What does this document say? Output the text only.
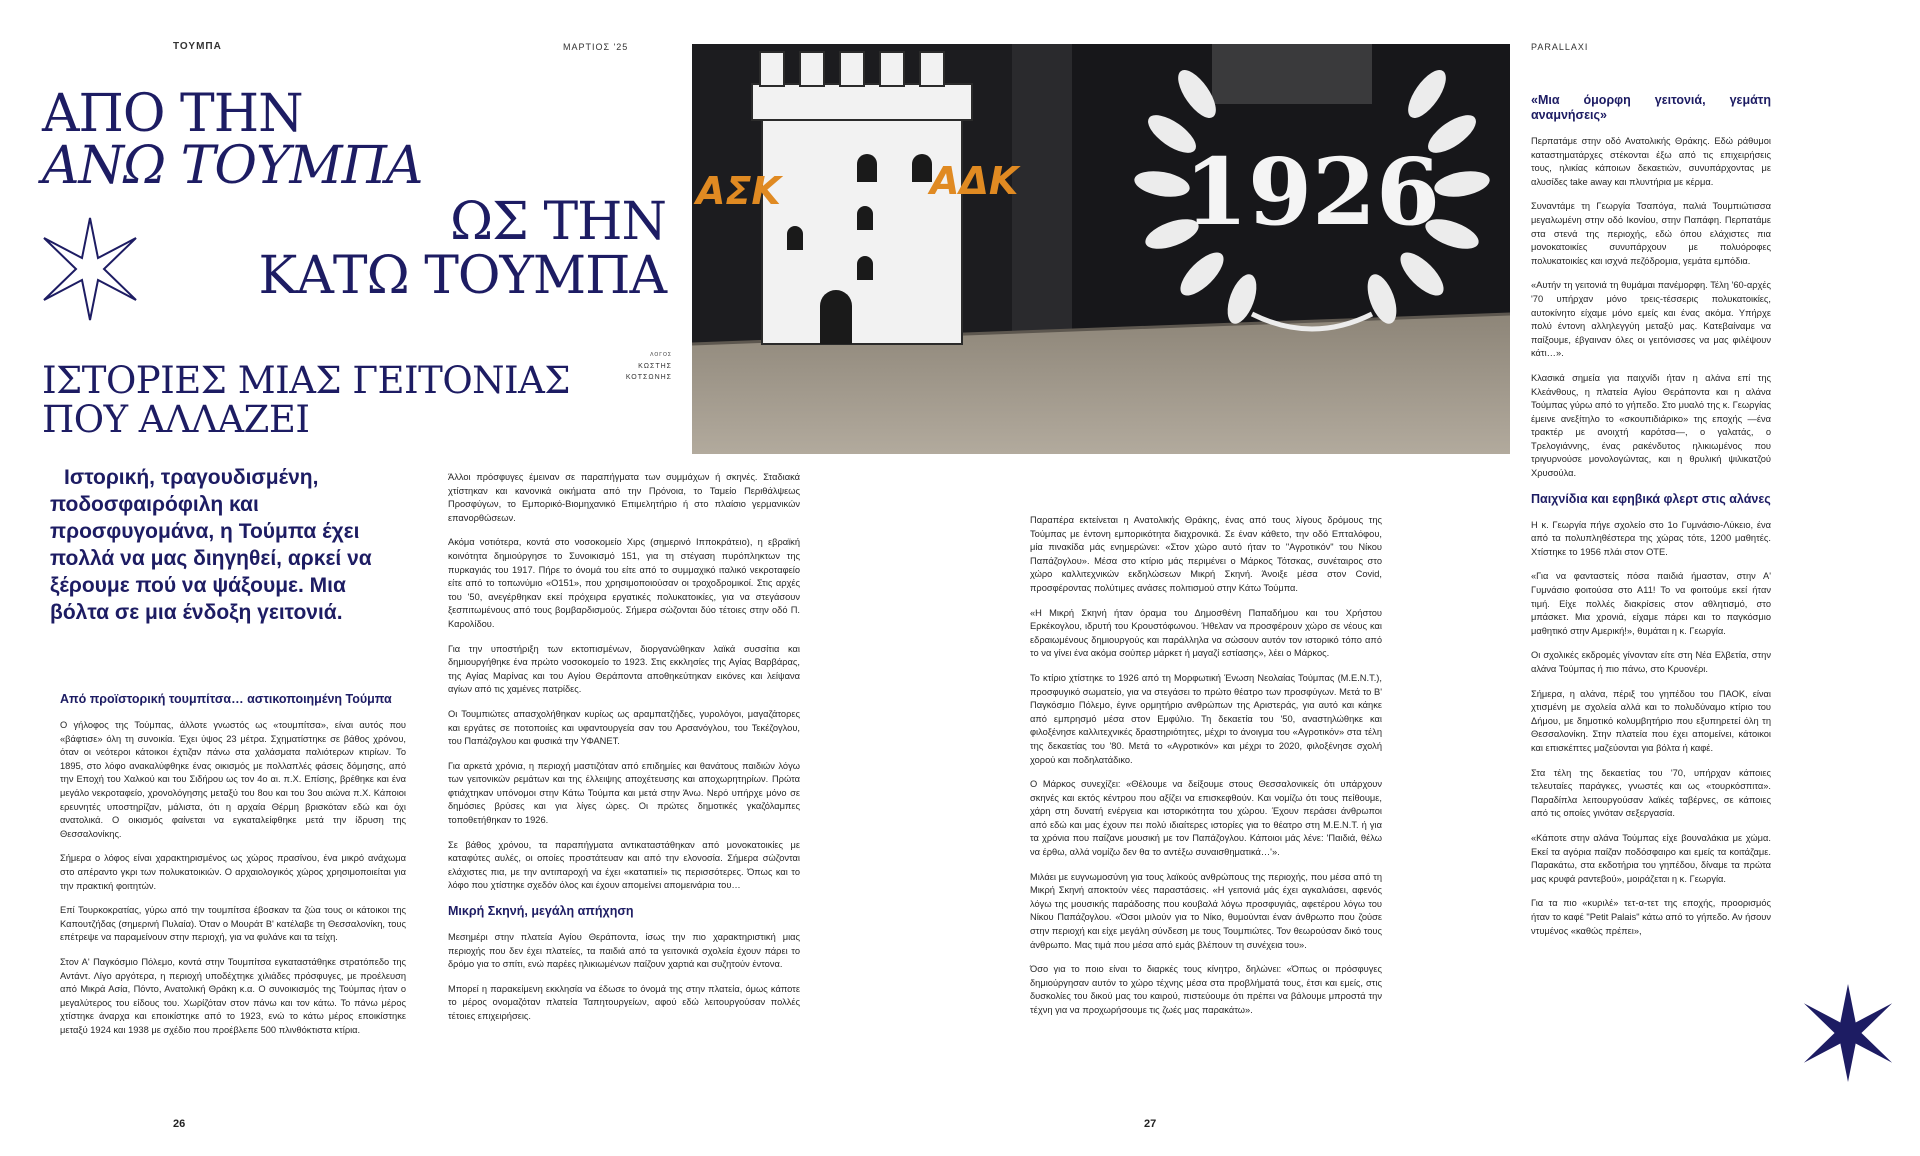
ΤΟΥΜΠΑ	ΜΑΡΤΙΟΣ '25	PARALLAXI
ΑΠΟ ΤΗΝ
ΑΝΩ ΤΟΥΜΠΑ
ΩΣ ΤΗΝ
ΚΑΤΩ ΤΟΥΜΠΑ
ΙΣΤΟΡΙΕΣ ΜΙΑΣ ΓΕΙΤΟΝΙΑΣ
ΠΟΥ ΑΛΛΑΖΕΙ
ΛΟΓΟΣ
ΚΩΣΤΗΣ
ΚΟΤΣΩΝΗΣ
ΑΣΚ	ΑΔΚ 1926
Ιστορική, τραγουδισμένη, ποδοσφαιρόφιλη και προσφυγομάνα, η Τούμπα έχει πολλά να μας διηγηθεί, αρκεί να ξέρουμε πού να ψάξουμε. Μια βόλτα σε μια ένδοξη γειτονιά.
Από προϊστορική τουμπίτσα… αστικοποιημένη Τούμπα

Ο γήλοφος της Τούμπας, άλλοτε γνωστός ως «τουμπίτσα», είναι αυτός που «βάφτισε» όλη τη συνοικία. Έχει ύψος 23 μέτρα. Σχηματίστηκε σε βάθος χρόνου, όταν οι νεότεροι κάτοικοι έχτιζαν πάνω στα χαλάσματα παλιότερων κτιρίων. Το 1895, στο λόφο ανακαλύφθηκε ένας οικισμός με πολλαπλές φάσεις δόμησης, από την Εποχή του Χαλκού και του Σιδήρου ως τον 4ο αι. π.Χ. Επίσης, βρέθηκε και ένα μεγάλο νεκροταφείο, χρονολόγησης μεταξύ του 8ου και του 3ου αιώνα π.Χ. Κάποιοι ερευνητές υποστηρίζαν, μάλιστα, ότι η αρχαία Θέρμη βρισκόταν εδώ και όχι ανατολικά. Ο οικισμός φαίνεται να εγκαταλείφθηκε μετά την ίδρυση της Θεσσαλονίκης.

Σήμερα ο λόφος είναι χαρακτηρισμένος ως χώρος πρασίνου, ένα μικρό ανάχωμα στο απέραντο γκρι των πολυκατοικιών. Ο αρχαιολογικός χώρος χρησιμοποιείται για την πρακτική φοιτητών.

Επί Τουρκοκρατίας, γύρω από την τουμπίτσα έβοσκαν τα ζώα τους οι κάτοικοι της Καπουτζήδας (σημερινή Πυλαία). Όταν ο Μουράτ Β' κατέλαβε τη Θεσσαλονίκη, τους επέτρεψε να παραμείνουν στην περιοχή, για να φυλάνε και τα τείχη.

Στον Α' Παγκόσμιο Πόλεμο, κοντά στην Τουμπίτσα εγκαταστάθηκε στρατόπεδο της Αντάντ. Λίγο αργότερα, η περιοχή υποδέχτηκε χιλιάδες πρόσφυγες, με προέλευση από Μικρά Ασία, Πόντο, Ανατολική Θράκη κ.α. Ο συνοικισμός της Τούμπας ήταν ο μεγαλύτερος του είδους του. Χωρίζόταν στον πάνω και τον κάτω. Το πάνω μέρος χτίστηκε άναρχα και εποικίστηκε από το 1923, ενώ το κάτω μέρος εποικίστηκε μεταξύ 1924 και 1938 με σχέδιο που προέβλεπε 500 πλινθόκτιστα κτίρια.

Άλλοι πρόσφυγες έμειναν σε παραπήγματα των συμμάχων ή σκηνές. Σταδιακά χτίστηκαν και κανονικά οικήματα από την Πρόνοια, το Ταμείο Περιθάλψεως Προσφύγων, το Εμπορικό-Βιομηχανικό Επιμελητήριο ή στο πλαίσιο γερμανικών επανορθώσεων.

Ακόμα νοτιότερα, κοντά στο νοσοκομείο Χιρς (σημερινό Ιπποκράτειο), η εβραϊκή κοινότητα δημιούργησε το Συνοικισμό 151, για τη στέγαση πυρόπληκτων της πυρκαγιάς του 1917. Πήρε το όνομά του είτε από το συμμαχικό ιταλικό νεκροταφείο είτε από το τοπωνύμιο «Ο151», που χρησιμοποιούσαν οι τροχοδρομικοί. Στις αρχές του '50, ανεγέρθηκαν εκεί πρόχειρα εργατικές πολυκατοικίες, για να στεγάσουν ξεσπιτωμένους από τους βομβαρδισμούς. Σήμερα σώζονται δύο τέτοιες στην οδό Π. Καρολίδου.

Για την υποστήριξη των εκτοπισμένων, διοργανώθηκαν λαϊκά συσσίτια και δημιουργήθηκε ένα πρώτο νοσοκομείο το 1923. Στις εκκλησίες της Αγίας Βαρβάρας, της Αγίας Μαρίνας και του Αγίου Θεράποντα αποθηκεύτηκαν εικόνες και λείψανα αγίων από τις χαμένες πατρίδες.

Οι Τουμπιώτες απασχολήθηκαν κυρίως ως αραμπατζήδες, γυρολόγοι, μαγαζάτορες και εργάτες σε ποτοποιίες και υφαντουργεία σαν του Αρσανόγλου, του Τεκέζογλου, του Παπάζογλου και φυσικά την ΥΦΑΝΕΤ.

Για αρκετά χρόνια, η περιοχή μαστιζόταν από επιδημίες και θανάτους παιδιών λόγω των γειτονικών ρεμάτων και της έλλειψης αποχέτευσης και αποχωρητηρίων. Πρώτα φτιάχτηκαν υπόνομοι στην Κάτω Τούμπα και μετά στην Άνω. Νερό υπήρχε μόνο σε δημόσιες βρύσες και για λίγες ώρες. Οι πρώτες δημοτικές γκαζόλαμπες τοποθετήθηκαν το 1926.

Σε βάθος χρόνου, τα παραπήγματα αντικαταστάθηκαν από μονοκατοικίες με καταφύτες αυλές, οι οποίες προστάτευαν και από την ελονοσία. Σήμερα σώζονται ελάχιστες πια, με την αντιπαροχή να έχει «καταπιεί» τις περισσότερες. Όπως και το λόφο που χτίστηκε σχεδόν όλος και έχουν απομείνει απομεινάρια του…

Μικρή Σκηνή, μεγάλη απήχηση

Μεσημέρι στην πλατεία Αγίου Θεράποντα, ίσως την πιο χαρακτηριστική μιας περιοχής που δεν έχει πλατείες, τα παιδιά από τα γειτονικά σχολεία έχουν πάρει το δρόμο για το σπίτι, ενώ παρέες ηλικιωμένων παίζουν χαρτιά και συζητούν έντονα.

Μπορεί η παρακείμενη εκκλησία να έδωσε το όνομά της στην πλατεία, όμως κάποτε το μέρος ονομαζόταν πλατεία Ταπητουργείων, αφού εδώ λειτουργούσαν πολλές τέτοιες επιχειρήσεις.

Παραπέρα εκτείνεται η Ανατολικής Θράκης, ένας από τους λίγους δρόμους της Τούμπας με έντονη εμπορικότητα διαχρονικά. Σε έναν κάθετο, την οδό Επταλόφου, μία πινακίδα μάς ενημερώνει: «Στον χώρο αυτό ήταν το "Αγροτικόν" του Νίκου Παπάζογλου». Μέσα στο κτίριο μάς περιμένει ο Μάρκος Τότσκας, συνέταιρος στο χώρο καλλιτεχνικών εκδηλώσεων Μικρή Σκηνή. Άνοιξε μέσα στον Covid, προσφέροντας πολύτιμες ανάσες πολιτισμού στην Κάτω Τούμπα.

«Η Μικρή Σκηνή ήταν όραμα του Δημοσθένη Παπαδήμου και του Χρήστου Ερκέκογλου, ιδρυτή του Κρουστόφωνου. Ήθελαν να προσφέρουν χώρο σε νέους και εδραιωμένους δημιουργούς και παράλληλα να σώσουν αυτόν τον ιστορικό τόπο από το να γίνει ένα ακόμα σούπερ μάρκετ ή μαγαζί εστίασης», λέει ο Μάρκος.

Το κτίριο χτίστηκε το 1926 από τη Μορφωτική Ένωση Νεολαίας Τούμπας (Μ.Ε.Ν.Τ.), προσφυγικό σωματείο, για να στεγάσει το πρώτο θέατρο των προσφύγων. Μετά το Β' Παγκόσμιο Πόλεμο, έγινε ορμητήριο ανθρώπων της Αριστεράς, για αυτό και κάηκε από εμπρησμό μέσα στον Εμφύλιο. Τη δεκαετία του '50, αναστηλώθηκε και φιλοξένησε καλλιτεχνικές δραστηριότητες, μέχρι το άνοιγμα του «Αγροτικόν» στα τέλη της δεκαετίας του '80. Μετά το «Αγροτικόν» και μέχρι το 2020, φιλοξένησε σχολή χορού και ποδηλατάδικο.

Ο Μάρκος συνεχίζει: «Θέλουμε να δείξουμε στους Θεσσαλονικείς ότι υπάρχουν σκηνές και εκτός κέντρου που αξίζει να επισκεφθούν. Και νομίζω ότι τους πείθουμε, χάρη στη δυνατή ενέργεια και ιστορικότητα του χώρου. Έχουν περάσει άνθρωποι από εδώ και μας έχουν πει πολύ ιδιαίτερες ιστορίες για το θέατρο στη Μ.Ε.Ν.Τ. ή για τα χρόνια που παίζανε μουσική με τον Παπάζογλου. Κάποιοι μάς λένε: 'Παιδιά, θέλω να έρθω, αλλά νομίζω δεν θα το αντέξω συναισθηματικά…'».

Μιλάει με ευγνωμοσύνη για τους λαϊκούς ανθρώπους της περιοχής, που μέσα από τη Μικρή Σκηνή αποκτούν νέες παραστάσεις. «Η γειτονιά μάς έχει αγκαλιάσει, αφενός λόγω της μουσικής παράδοσης που κουβαλά λόγω προσφυγιάς, αφετέρου λόγω του Νίκου Παπάζογλου. «Όσοι μιλούν για το Νίκο, θυμούνται έναν άνθρωπο που ζούσε στην περιοχή και είχε μεγάλη σύνδεση με τους Τουμπιώτες. Τον θεωρούσαν δικό τους άνθρωπο. Μας τιμά που μέσα από εμάς βλέπουν τη συνέχεια του».

Όσο για το ποιο είναι το διαρκές τους κίνητρο, δηλώνει: «Όπως οι πρόσφυγες δημιούργησαν αυτόν το χώρο τέχνης μέσα στα προβλήματά τους, έτσι και εμείς, στις δυσκολίες του δικού μας του καιρού, πιστεύουμε ότι πρέπει να βάλουμε μπροστά την τέχνη για να προχωρήσουμε τις ζωές μας παρακάτω».

«Μια όμορφη γειτονιά, γεμάτη αναμνήσεις»

Περπατάμε στην οδό Ανατολικής Θράκης. Εδώ ράθυμοι καταστηματάρχες στέκονται έξω από τις επιχειρήσεις τους, ηλικίας κάποιων δεκαετιών, συνυπάρχοντας με αλυσίδες take away και πλυντήρια με κέρμα.

Συναντάμε τη Γεωργία Τσαπόγα, παλιά Τουμπιώτισσα μεγαλωμένη στην οδό Ικονίου, στην Παπάφη. Περπατάμε στα στενά της περιοχής, εδώ όπου ελάχιστες πια μονοκατοικίες συνυπάρχουν με πολυόροφες πολυκατοικίες και ισχνά πεζόδρομια, γεμάτα εμπόδια.

«Αυτήν τη γειτονιά τη θυμάμαι πανέμορφη. Τέλη '60-αρχές '70 υπήρχαν μόνο τρεις-τέσσερις πολυκατοικίες, αυτοκίνητο είχαμε μόνο εμείς και ένας ακόμα. Υπήρχε πολύ έντονη αλληλεγγύη μεταξύ μας. Κατεβαίναμε να παίξουμε, έβγαιναν όλες οι γειτόνισσες να μας φιλέψουν κάτι…».

Κλασικά σημεία για παιχνίδι ήταν η αλάνα επί της Κλεάνθους, η πλατεία Αγίου Θεράποντα και η αλάνα Τούμπας γύρω από το γήπεδο. Στο μυαλό της κ. Γεωργίας έμεινε ανεξίτηλο το «σκουπιδιάρικο» της εποχής —ένα τρακτέρ με ανοιχτή καρότσα—, ο γαλατάς, ο Τρελογιάννης, ένας ρακένδυτος ηλικιωμένος που τριγυρνούσε μονολογώντας, και η θρυλική ψιλικατζού Χρυσούλα.

Παιχνίδια και εφηβικά φλερτ στις αλάνες

Η κ. Γεωργία πήγε σχολείο στο 1ο Γυμνάσιο-Λύκειο, ένα από τα πολυπληθέστερα της χώρας τότε, 1200 μαθητές. Χτίστηκε το 1956 πλάι στον ΟΤΕ.

«Για να φανταστείς πόσα παιδιά ήμασταν, στην Α' Γυμνάσιο φοιτούσα στο Α11! Το να φοιτούμε εκεί ήταν τιμή. Είχε πολλές διακρίσεις στον αθλητισμό, στο μπάσκετ. Μια χρονιά, είχαμε πάρει και το παγκόσμιο μαθητικό στην Αμερική!», θυμάται η κ. Γεωργία.

Οι σχολικές εκδρομές γίνονταν είτε στη Νέα Ελβετία, στην αλάνα Τούμπας ή πιο πάνω, στο Κρυονέρι.

Σήμερα, η αλάνα, πέριξ του γηπέδου του ΠΑΟΚ, είναι χτισμένη με σχολεία αλλά και το πολυδύναμο κτίριο του Δήμου, με δημοτικό κολυμβητήριο που εξυπηρετεί όλη τη Θεσσαλονίκη. Στην πλατεία που έχει απομείνει, κάτοικοι και επισκέπτες μαζεύονται για βόλτα ή καφέ.

Στα τέλη της δεκαετίας του '70, υπήρχαν κάποιες τελευταίες παράγκες, γνωστές και ως «τουρκόσπιτα». Παραδίπλα λειτουργούσαν λαϊκές ταβέρνες, σε κάποιες από τις οποίες γινόταν σεξεργασία.

«Κάποτε στην αλάνα Τούμπας είχε βουναλάκια με χώμα. Εκεί τα αγόρια παίζαν ποδόσφαιρο και εμείς τα κοιτάζαμε. Παρακάτω, στα εκδοτήρια του γηπέδου, δίναμε τα πρώτα μας κρυφά ραντεβού», μοιράζεται η κ. Γεωργία.

Για τα πιο «κυριλέ» τετ-α-τετ της εποχής, προορισμός ήταν το καφέ "Petit Palais" κάτω από το γήπεδο. Αν ήσουν ντυμένος «καθώς πρέπει»,

26	27
